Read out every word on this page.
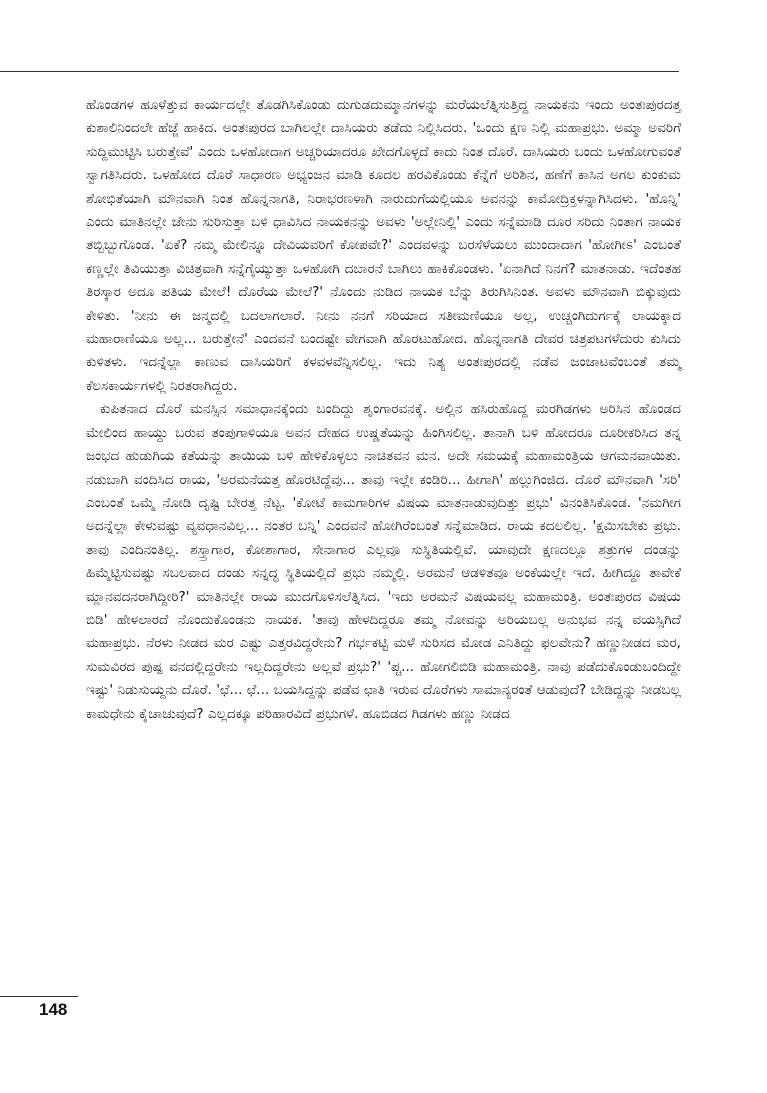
ಹೊಂಡಗಳ ಹೂಳೆತ್ತುವ ಕಾರ್ಯದಲ್ಲೇ ತೊಡಗಿಸಿಕೊಂಡು ದುಗುಡದುಮ್ಮಾನಗಳನ್ನು ಮರೆಯಲೆತ್ನಿಸುತ್ತಿದ್ದ ನಾಯಕನು ಇಂದು ಅಂತಃಪುರದತ್ತ ಕುಶಾಲಿನಿಂದಲೇ ಹೆಜ್ಜೆ ಹಾಕಿದ. ಅಂತಃಪುರದ ಬಾಗಿಲಲ್ಲೇ ದಾಸಿಯರು ತಡೆದು ನಿಲ್ಲಿಸಿದರು. 'ಒಂದು ಕ್ಷಣ ನಿಲ್ಲಿ ಮಹಾಪ್ರಭು. ಅಮ್ಮಾ ಅವರಿಗೆ ಸುದ್ದಿಮುಟ್ಟಿಸಿ ಬರುತ್ತೇವೆ' ಎಂದು ಒಳಹೋದಾಗ ಅಚ್ಚರಿಯಾದರೂ ಖೇದಗೊಳ್ಳದೆ ಕಾದು ನಿಂತ ದೊರೆ. ದಾಸಿಯರು ಬಂದು ಒಳಹೋಗುವಂತೆ ಸ್ವಾಗತಿಸಿದರು. ಒಳಹೋದ ದೊರೆ ಸಾಧಾರಣ ಅಭ್ಯಂಜನ ಮಾಡಿ ಕೂದಲ ಹರವಿಕೊಂಡು ಕೆನ್ನೆಗೆ ಅರಿಶಿನ, ಹಣೆಗೆ ಕಾಸಿನ ಅಗಲ ಕುಂಕುಮ ಶೋಭಿತೆಯಾಗಿ ಮೌನವಾಗಿ ನಿಂತ ಹೊನ್ನನಾಗತಿ, ನಿರಾಭರಣಳಾಗಿ ನಾರುದುಗೆಯಲ್ಲಿಯೂ ಅವನನ್ನು ಕಾಮೋದ್ರಿಕ್ತಳನ್ನಾಗಿಸಿದಳು. 'ಹೊನ್ನಿ' ಎಂದು ಮಾತಿನಲ್ಲೇ ಜೇನು ಸುರಿಸುತ್ತಾ ಬಳಿ ಧಾವಿಸಿದ ನಾಯಕನನ್ನು ಅವಳು 'ಅಲ್ಲೇನಿಲ್ಲಿ' ಎಂದು ಸನ್ನೆಮಾಡಿ ದೂರ ಸರಿದು ನಿಂತಾಗ ನಾಯಕ ತಬ್ಬಿಬ್ಬುಗೊಂಡ. 'ಏಕೆ? ನಮ್ಮ ಮೇಲಿನ್ನೂ ದೇವಿಯವರಿಗೆ ಕೋಪವೇ?' ಎಂದವಳನ್ನು ಬರಸೆಳೆಯಲು ಮುಂದಾದಾಗ 'ಹೋಗೀಽ' ಎಂಬಂತೆ ಕಣ್ಣಲ್ಲೇ ತಿವಿಯುತ್ತಾ ವಿಚಿತ್ರವಾಗಿ ಸನ್ನೆಗೈಯ್ಯುತ್ತಾ ಒಳಹೋಗಿ ದಬಾರನೆ ಬಾಗಿಲು ಹಾಕಿಕೊಂಡಳು. 'ಏನಾಗಿದೆ ನಿನಗೆ? ಮಾತನಾಡು. ಇದೆಂತಹ ತಿರಸ್ಕಾರ ಅದೂ ಪತಿಯ ಮೇಲೆ! ದೊರೆಯ ಮೇಲೆ?' ನೊಂದು ನುಡಿದ ನಾಯಕ ಬೆನ್ನು ತಿರುಗಿಸಿನಿಂತ. ಅವಳು ಮೌನವಾಗಿ ಬಿಕ್ಕುವುದು ಕೇಳಿತು. 'ನೀನು ಈ ಜನ್ಮದಲ್ಲಿ ಬದಲಾಗಲಾರೆ. ನೀನು ನನಗೆ ಸರಿಯಾದ ಸತೀಮಣಿಯೂ ಅಲ್ಲ, ಉಚ್ಚಂಗಿದುರ್ಗಕ್ಕೆ ಲಾಯಕ್ಕಾದ ಮಹಾರಾಣಿಯೂ ಅಲ್ಲ... ಬರುತ್ತೇನೆ' ಎಂದವನೆ ಬಂದಷ್ಟೇ ವೇಗವಾಗಿ ಹೊರಟುಹೋದ. ಹೊನ್ನನಾಗತಿ ದೇವರ ಚಿತ್ರಪಟಗಳೆದುರು ಕುಸಿದು ಕುಳಿತಳು. ಇದನ್ನೆಲ್ಲಾ ಕಾಣುವ ದಾಸಿಯರಿಗೆ ಕಳವಳವೆನ್ನಿಸಲಿಲ್ಲ. ಇದು ನಿತ್ಯ ಅಂತಃಪುರದಲ್ಲಿ ನಡೆವ ಜಂಜಾಟವೆಂಬಂತೆ ತಮ್ಮ ಕೆಲಸಕಾರ್ಯಗಳಲ್ಲಿ ನಿರತರಾಗಿದ್ದರು.

ಕುಪಿತನಾದ ದೊರೆ ಮನಸ್ಸಿನ ಸಮಾಧಾನಕ್ಕೆಂದು ಬಂದಿದ್ದು ಶೃಂಗಾರವನಕ್ಕೆ. ಅಲ್ಲಿನ ಹಸಿರುಹೊದ್ದ ಮರಗಿಡಗಳು ಅರಿಸಿನ ಹೊಂಡದ ಮೇಲಿಂದ ಹಾಯ್ದು ಬರುವ ತಂಪುಗಾಳಿಯೂ ಅವನ ದೇಹದ ಉಷ್ಣತೆಯನ್ನು ಹಿಂಗಿಸಲಿಲ್ಲ. ತಾನಾಗಿ ಬಳಿ ಹೋದರೂ ದೂರೀಕರಿಸಿದ ತನ್ನ ಜಂಭದ ಹುಡುಗಿಯ ಕತೆಯನ್ನು ತಾಯಿಯ ಬಳಿ ಹೇಳಿಕೊಳ್ಳಲು ನಾಚಿತವನ ಮನ. ಅದೇ ಸಮಯಕ್ಕೆ ಮಹಾಮಂತ್ರಿಯ ಆಗಮನವಾಯಿತು. ನಡುಬಾಗಿ ವಂದಿಸಿದ ರಾಯ, 'ಅರಮನೆಯತ್ತ ಹೊರಟಿದ್ದೆವು... ತಾವು ಇಲ್ಲೇ ಕಂಡಿರಿ... ಹೀಗಾಗಿ' ಹಲ್ಲುಗಿಂಜಿದ. ದೊರೆ ಮೌನವಾಗಿ 'ಸರಿ' ಎಂಬಂತೆ ಒಮ್ಮೆ ನೋಡಿ ದೃಷ್ಟಿ ಬೇರತ್ತ ನೆಟ್ಟ. 'ಕೋಟೆ ಕಾಮಗಾರಿಗಳ ವಿಷಯ ಮಾತನಾಡುವುದಿತ್ತು ಪ್ರಭು' ವಿನಂತಿಸಿಕೊಂಡ. 'ನಮಗೀಗ ಅದನ್ನೆಲ್ಲಾ ಕೇಳುವಷ್ಟು ವ್ಯವಧಾನವಿಲ್ಲ... ನಂತರ ಬನ್ನಿ' ಎಂದವನೆ ಹೋಗಿರೆಂಬಂತೆ ಸನ್ನೆಮಾಡಿದ. ರಾಯ ಕದಲಲಿಲ್ಲ. 'ಕ್ಷಮಿಸಬೇಕು ಪ್ರಭು. ತಾವು ಎಂದಿನಂತಿಲ್ಲ. ಶಸ್ತ್ರಾಗಾರ, ಕೋಶಾಗಾರ, ಸೇನಾಗಾರ ಎಲ್ಲವೂ ಸುಸ್ಥಿತಿಯಲ್ಲಿವೆ. ಯಾವುದೇ ಕ್ಷಣದಲ್ಲೂ ಶತ್ರುಗಳ ದಂಡನ್ನು ಹಿಮ್ಮೆಟ್ಟಿಸುವಷ್ಟು ಸಬಲವಾದ ದಂಡು ಸನ್ನದ್ಧ ಸ್ಥಿತಿಯಲ್ಲಿದೆ ಪ್ರಭು ನಮ್ಮಲ್ಲಿ. ಅರಮನೆ ಆಡಳಿತವೂ ಅಂಕೆಯಲ್ಲೇ ಇದೆ. ಹೀಗಿದ್ದೂ ತಾವೇಕೆ ಮ್ಲಾನವದನರಾಗಿದ್ದೀರಿ?' ಮಾತಿನಲ್ಲೇ ರಾಯ ಮುದಗೊಳಿಸಲೆತ್ನಿಸಿದ. 'ಇದು ಅರಮನೆ ವಿಷಯವಲ್ಲ ಮಹಾಮಂತ್ರಿ. ಅಂತಃಪುರದ ವಿಷಯ ಬಿಡಿ' ಹೇಳಲಾರದೆ ನೊಂದುಕೊಂಡನು ನಾಯಕ. 'ತಾವು ಹೇಳದಿದ್ದರೂ ತಮ್ಮ ನೋವನ್ನು ಅರಿಯಬಲ್ಲ ಅನುಭವ ನನ್ನ ವಯಸ್ಸಿಗಿದೆ ಮಹಾಪ್ರಭು. ನೆರಳು ನೀಡದ ಮರ ಎಷ್ಟು ಎತ್ತರವಿದ್ದರೇನು? ಗರ್ಭಕಟ್ಟಿ ಮಳೆ ಸುರಿಸದ ಮೋಡ ಎನಿತಿದ್ದು ಫಲವೇನು? ಹಣ್ಣುನೀಡದ ಮರ, ಸುಮವಿರದ ಪುಷ್ಪ ವನದಲ್ಲಿದ್ದರೇನು ಇಲ್ಲದಿದ್ದರೇನು ಅಲ್ಲವೆ ಪ್ರಭು?' 'ಪ್ಚ... ಹೋಗಲಿಬಿಡಿ ಮಹಾಮಂತ್ರಿ. ನಾವು ಪಡೆದುಕೊಂಡುಬಂದಿದ್ದೇ ಇಷ್ಟು' ನಿಡುಸುಯ್ದನು ದೊರೆ. 'ಛೆ... ಛೆ... ಬಯಸಿದ್ದನ್ನು ಪಡೆವ ಛಾತಿ ಇರುವ ದೊರೆಗಳು ಸಾಮಾನ್ಯರಂತೆ ಆಡುವುದೆ? ಬೇಡಿದ್ದನ್ನು ನೀಡಬಲ್ಲ ಕಾಮಧೇನು ಕೈಚಾಚುವುದೆ? ಎಲ್ಲದಕ್ಕೂ ಪರಿಹಾರವಿದೆ ಪ್ರಭುಗಳೆ. ಹೂಬಿಡದ ಗಿಡಗಳು ಹಣ್ಣು ನೀಡದ

148
